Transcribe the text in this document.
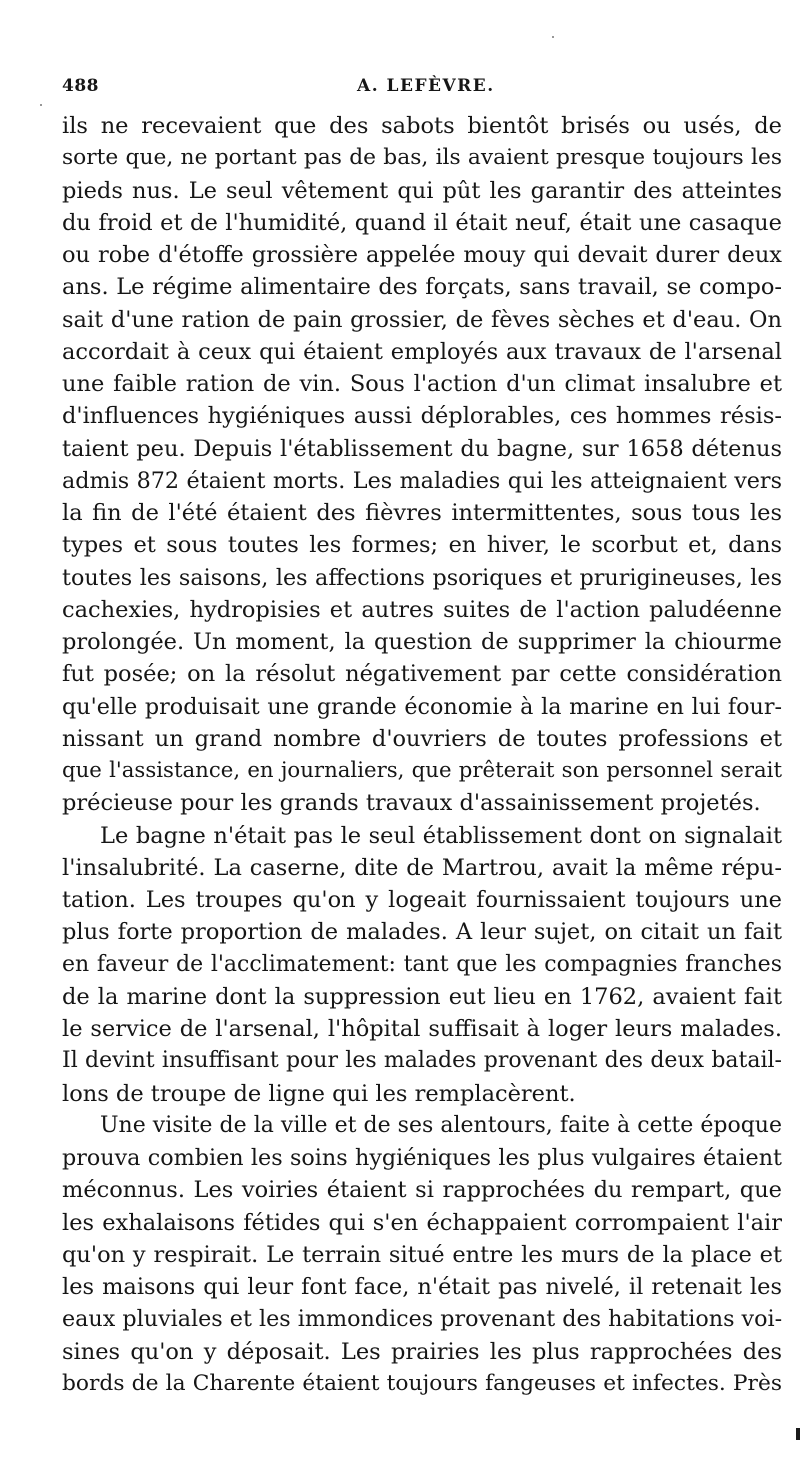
488	A. LEFÈVRE.
ils ne recevaient que des sabots bientôt brisés ou usés, de
sorte que, ne portant pas de bas, ils avaient presque toujours les
pieds nus. Le seul vêtement qui pût les garantir des atteintes
du froid et de l'humidité, quand il était neuf, était une casaque
ou robe d'étoffe grossière appelée mouy qui devait durer deux
ans. Le régime alimentaire des forçats, sans travail, se compo-
sait d'une ration de pain grossier, de fèves sèches et d'eau. On
accordait à ceux qui étaient employés aux travaux de l'arsenal
une faible ration de vin. Sous l'action d'un climat insalubre et
d'influences hygiéniques aussi déplorables, ces hommes résis-
taient peu. Depuis l'établissement du bagne, sur 1658 détenus
admis 872 étaient morts. Les maladies qui les atteignaient vers
la fin de l'été étaient des fièvres intermittentes, sous tous les
types et sous toutes les formes; en hiver, le scorbut et, dans
toutes les saisons, les affections psoriques et prurigineuses, les
cachexies, hydropisies et autres suites de l'action paludéenne
prolongée. Un moment, la question de supprimer la chiourme
fut posée; on la résolut négativement par cette considération
qu'elle produisait une grande économie à la marine en lui four-
nissant un grand nombre d'ouvriers de toutes professions et
que l'assistance, en journaliers, que prêterait son personnel serait
précieuse pour les grands travaux d'assainissement projetés.
Le bagne n'était pas le seul établissement dont on signalait
l'insalubrité. La caserne, dite de Martrou, avait la même répu-
tation. Les troupes qu'on y logeait fournissaient toujours une
plus forte proportion de malades. A leur sujet, on citait un fait
en faveur de l'acclimatement: tant que les compagnies franches
de la marine dont la suppression eut lieu en 1762, avaient fait
le service de l'arsenal, l'hôpital suffisait à loger leurs malades.
Il devint insuffisant pour les malades provenant des deux batail-
lons de troupe de ligne qui les remplacèrent.
Une visite de la ville et de ses alentours, faite à cette époque
prouva combien les soins hygiéniques les plus vulgaires étaient
méconnus. Les voiries étaient si rapprochées du rempart, que
les exhalaisons fétides qui s'en échappaient corrompaient l'air
qu'on y respirait. Le terrain situé entre les murs de la place et
les maisons qui leur font face, n'était pas nivelé, il retenait les
eaux pluviales et les immondices provenant des habitations voi-
sines qu'on y déposait. Les prairies les plus rapprochées des
bords de la Charente étaient toujours fangeuses et infectes. Près
